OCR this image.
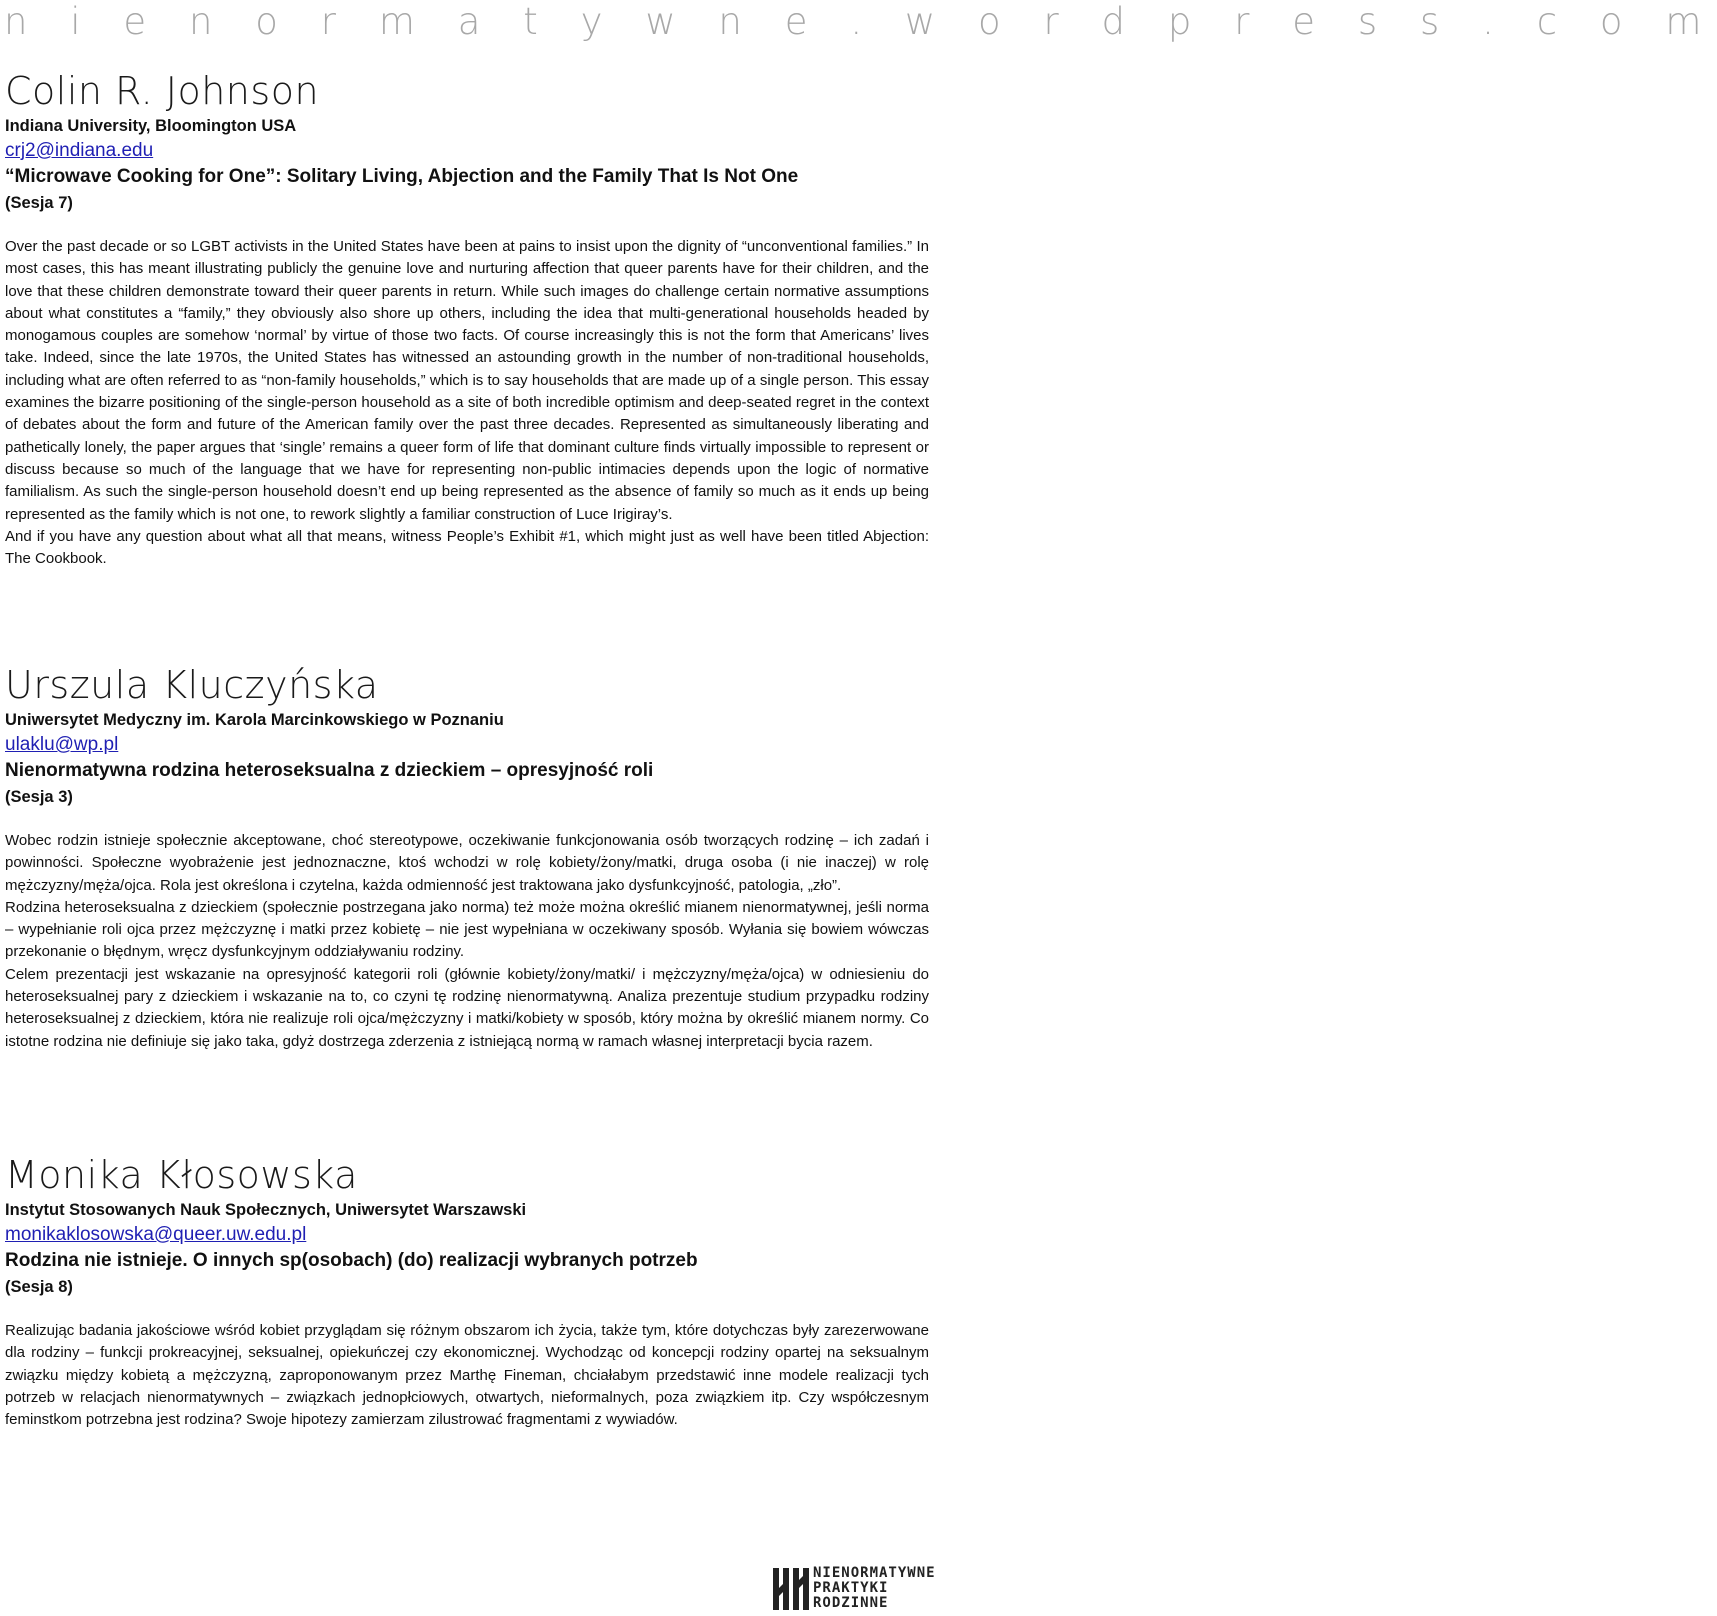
n i e n o r m a t y w n e . w o r d p r e s s . c o m
Colin R. Johnson
Indiana University, Bloomington USA
crj2@indiana.edu
“Microwave Cooking for One”: Solitary Living, Abjection and the Family That Is Not One
(Sesja 7)

Over the past decade or so LGBT activists in the United States have been at pains to insist upon the dignity of “unconventional families.” In most cases, this has meant illustrating publicly the genuine love and nurturing affection that queer parents have for their children, and the love that these children demonstrate toward their queer parents in return. While such images do challenge certain normative assumptions about what constitutes a “family,” they obviously also shore up others, including the idea that multi-generational households headed by monogamous couples are somehow ‘normal’ by virtue of those two facts. Of course increasingly this is not the form that Americans’ lives take. Indeed, since the late 1970s, the United States has witnessed an astounding growth in the number of non-traditional households, including what are often referred to as “non-family households,” which is to say households that are made up of a single person. This essay examines the bizarre positioning of the single-person household as a site of both incredible optimism and deep-seated regret in the context of debates about the form and future of the American family over the past three decades. Represented as simultaneously liberating and pathetically lonely, the paper argues that ‘single’ remains a queer form of life that dominant culture finds virtually impossible to represent or discuss because so much of the language that we have for representing non-public intimacies depends upon the logic of normative familialism. As such the single-person household doesn’t end up being represented as the absence of family so much as it ends up being represented as the family which is not one, to rework slightly a familiar construction of Luce Irigiray’s.

And if you have any question about what all that means, witness People’s Exhibit #1, which might just as well have been titled Abjection: The Cookbook.

Urszula Kluczyńska
Uniwersytet Medyczny im. Karola Marcinkowskiego w Poznaniu
ulaklu@wp.pl
Nienormatywna rodzina heteroseksualna z dzieckiem – opresyjność roli
(Sesja 3)

Wobec rodzin istnieje społecznie akceptowane, choć stereotypowe, oczekiwanie funkcjonowania osób tworzących rodzinę – ich zadań i powinności. Społeczne wyobrażenie jest jednoznaczne, ktoś wchodzi w rolę kobiety/żony/matki, druga osoba (i nie inaczej) w rolę mężczyzny/męża/ojca. Rola jest określona i czytelna, każda odmienność jest traktowana jako dysfunkcyjność, patologia, „zło”.

Rodzina heteroseksualna z dzieckiem (społecznie postrzegana jako norma) też może można określić mianem nienormatywnej, jeśli norma – wypełnianie roli ojca przez mężczyznę i matki przez kobietę – nie jest wypełniana w oczekiwany sposób. Wyłania się bowiem wówczas przekonanie o błędnym, wręcz dysfunkcyjnym oddziaływaniu rodziny.

Celem prezentacji jest wskazanie na opresyjność kategorii roli (głównie kobiety/żony/matki/ i mężczyzny/męża/ojca) w odniesieniu do heteroseksualnej pary z dzieckiem i wskazanie na to, co czyni tę rodzinę nienormatywną. Analiza prezentuje studium przypadku rodziny heteroseksualnej z dzieckiem, która nie realizuje roli ojca/mężczyzny i matki/kobiety w sposób, który można by określić mianem normy. Co istotne rodzina nie definiuje się jako taka, gdyż dostrzega zderzenia z istniejącą normą w ramach własnej interpretacji bycia razem.

Monika Kłosowska
Instytut Stosowanych Nauk Społecznych, Uniwersytet Warszawski
monikaklosowska@queer.uw.edu.pl
Rodzina nie istnieje. O innych sp(osobach) (do) realizacji wybranych potrzeb
(Sesja 8)

Realizując badania jakościowe wśród kobiet przyglądam się różnym obszarom ich życia, także tym, które dotychczas były zarezerwowane dla rodziny – funkcji prokreacyjnej, seksualnej, opiekuńczej czy ekonomicznej. Wychodząc od koncepcji rodziny opartej na seksualnym związku między kobietą a mężczyzną, zaproponowanym przez Marthę Fineman, chciałabym przedstawić inne modele realizacji tych potrzeb w relacjach nienormatywnych – związkach jednopłciowych, otwartych, nieformalnych, poza związkiem itp. Czy współczesnym feminstkom potrzebna jest rodzina? Swoje hipotezy zamierzam zilustrować fragmentami z wywiadów.

NIENORMATYWNE
PRAKTYKI
RODZINNE
